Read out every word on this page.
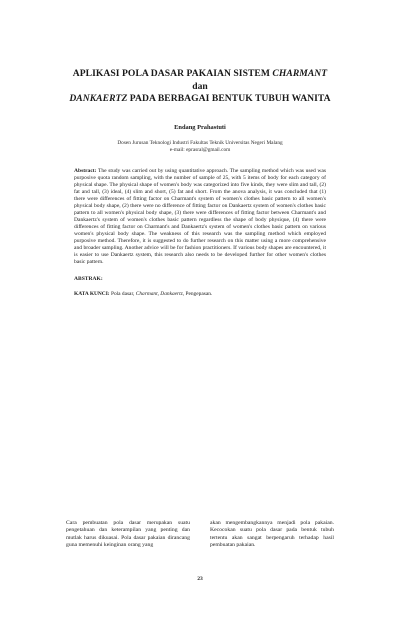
APLIKASI POLA DASAR PAKAIAN SISTEM CHARMANT dan
DANKAERTZ PADA BERBAGAI BENTUK TUBUH WANITA
Endang Prahastuti
Dosen Jurusan Teknologi Industri Fakultas Teknik Universitas Negeri Malang
e-mail: eprasral@gmail.com
Abstract: The study was carried out by using quantitative approach. The sampling method which was used was purposive quota random sampling, with the number of sample of 25, with 5 items of body for each category of physical shape. The physical shape of women's body was categorized into five kinds, they were slim and tall, (2) fat and tall, (3) ideal, (4) slim and short, (5) fat and short. From the anova analysis, it was concluded that (1) there were differences of fitting factor on Charmant's system of women's clothes basic pattern to all women's physical body shape, (2) there were no difference of fitting factor on Dankaertz system of women's clothes basic pattern to all women's physical body shape, (3) there were differences of fitting factor between Charmant's and Dankaertz's system of women's clothes basic pattern regardless the shape of body physique, (4) there were differences of fitting factor on Charmant's and Dankaertz's system of women's clothes basic pattern on various women's physical body shape. The weakness of this research was the sampling method which employed purposive method. Therefore, it is suggested to do further research on this matter using a more comprehensive and broader sampling. Another advice will be for fashion practitioners. If various body shapes are encountered, it is easier to use Dankaertz system, this research also needs to be developed further for other women's clothes basic pattern.
ABSTRAK:
KATA KUNCI: Pola dasar, Charmant, Dankaertz, Pengepasan.

Cara pembuatan pola dasar merupakan suatu pengetahuan dan keterampilan yang penting dan mutlak harus dikuasai. Pola dasar pakaian dirancang guna memenuhi keinginan orang yang

akan mengembangkannya menjadi pola pakaian. Kecocokan suatu pola dasar pada bentuk tubuh tertentu akan sangat berpengaruh terhadap hasil pembuatan pakaian.

23
